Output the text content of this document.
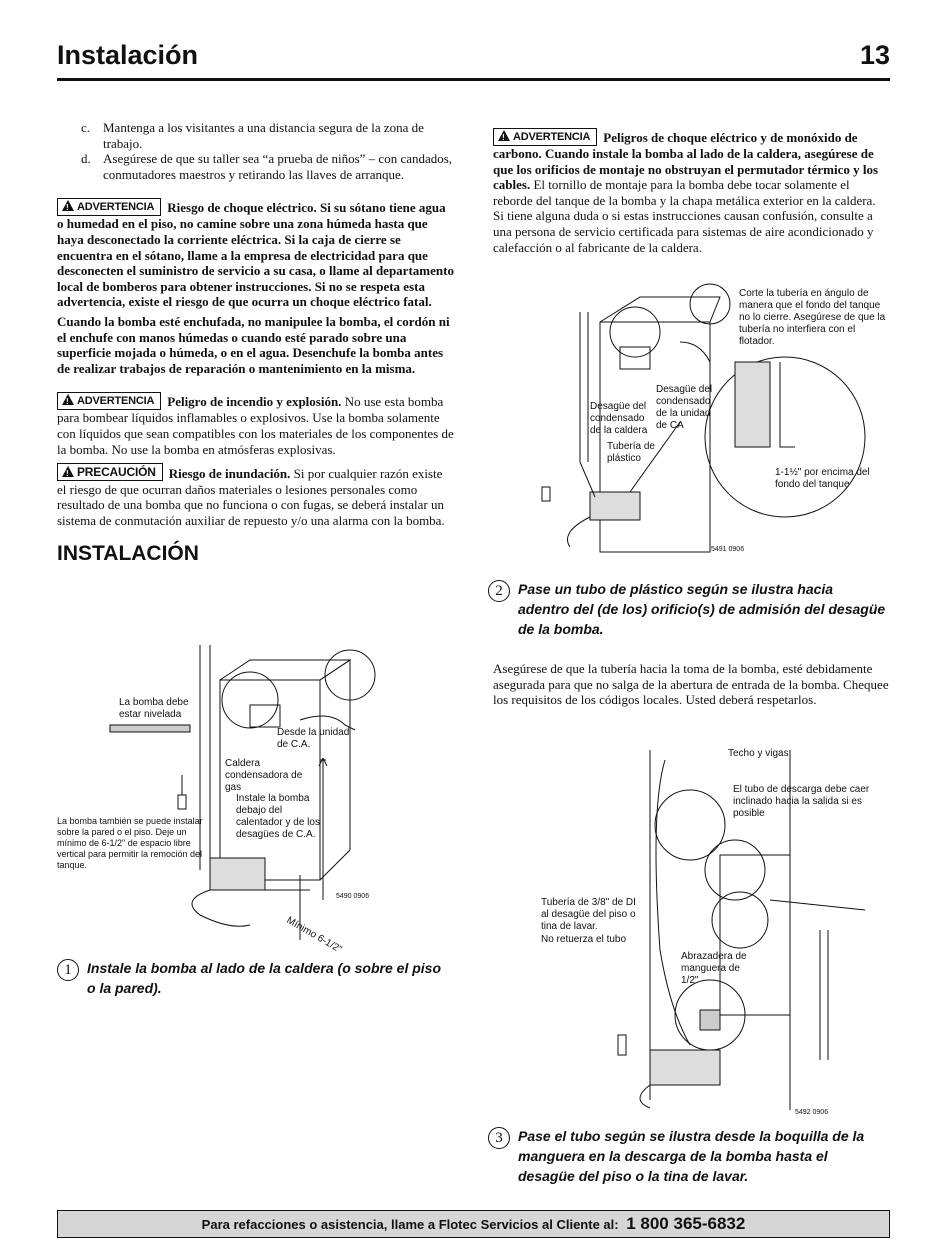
Instalación	13
c. Mantenga a los visitantes a una distancia segura de la zona de trabajo.
d. Asegúrese de que su taller sea “a prueba de niños” – con candados, conmutadores maestros y retirando las llaves de arranque.

!ADVERTENCIA Riesgo de choque eléctrico. Si su sótano tiene agua o humedad en el piso, no camine sobre una zona húmeda hasta que haya desconectado la corriente eléctrica. Si la caja de cierre se encuentra en el sótano, llame a la empresa de electricidad para que desconecten el suministro de servicio a su casa, o llame al departamento local de bomberos para obtener instrucciones. Si no se respeta esta advertencia, existe el riesgo de que ocurra un choque eléctrico fatal.

Cuando la bomba esté enchufada, no manipulee la bomba, el cordón ni el enchufe con manos húmedas o cuando esté parado sobre una superficie mojada o húmeda, o en el agua. Desenchufe la bomba antes de realizar trabajos de reparación o mantenimiento en la misma.

!ADVERTENCIA Peligro de incendio y explosión. No use esta bomba para bombear líquidos inflamables o explosivos. Use la bomba solamente con líquidos que sean compatibles con los materiales de los componentes de la bomba. No use la bomba en atmósferas explosivas.

!PRECAUCIÓN Riesgo de inundación. Si por cualquier razón existe el riesgo de que ocurran daños materiales o lesiones personales como resultado de una bomba que no funciona o con fugas, se deberá instalar un sistema de conmutación auxiliar de repuesto y/o una alarma con la bomba.

INSTALACIÓN
La bomba debe estar nivelada
Desde la unidad de C.A.
Caldera condensadora de gas
Instale la bomba debajo del calentador y de los desagües de C.A.
La bomba también se puede instalar sobre la pared o el piso. Deje un mínimo de 6-1/2" de espacio libre vertical para permitir la remoción del tanque.
Mínimo 6-1/2"
5490 0906
1	Instale la bomba al lado de la caldera (o sobre el piso o la pared).

!ADVERTENCIA Peligros de choque eléctrico y de monóxido de carbono. Cuando instale la bomba al lado de la caldera, asegúrese de que los orificios de montaje no obstruyan el permutador térmico y los cables. El tornillo de montaje para la bomba debe tocar solamente el reborde del tanque de la bomba y la chapa metálica exterior en la caldera. Si tiene alguna duda o si estas instrucciones causan confusión, consulte a una persona de servicio certificada para sistemas de aire acondicionado y calefacción o al fabricante de la caldera.

Corte la tubería en ángulo de manera que el fondo del tanque no lo cierre. Asegúrese de que la tubería no interfiera con el flotador.
Desagüe del condensado de la unidad de CA
Desagüe del condensado de la caldera
Tubería de plástico
1-1½" por encima del fondo del tanque
5491 0906
2	Pase un tubo de plástico según se ilustra hacia adentro del (de los) orificio(s) de admisión del desagüe de la bomba.

Asegúrese de que la tubería hacia la toma de la bomba, esté debidamente asegurada para que no salga de la abertura de entrada de la bomba. Chequee los requisitos de los códigos locales. Usted deberá respetarlos.

Techo y vigas
El tubo de descarga debe caer inclinado hacia la salida si es posible
Tubería de 3/8" de DI al desagüe del piso o tina de lavar.
No retuerza el tubo
Abrazadera de manguera de 1/2"
5492 0906
3	Pase el tubo según se ilustra desde la boquilla de la manguera en la descarga de la bomba hasta el desagüe del piso o la tina de lavar.
Para refacciones o asistencia, llame a Flotec Servicios al Cliente al: 1 800 365-6832
